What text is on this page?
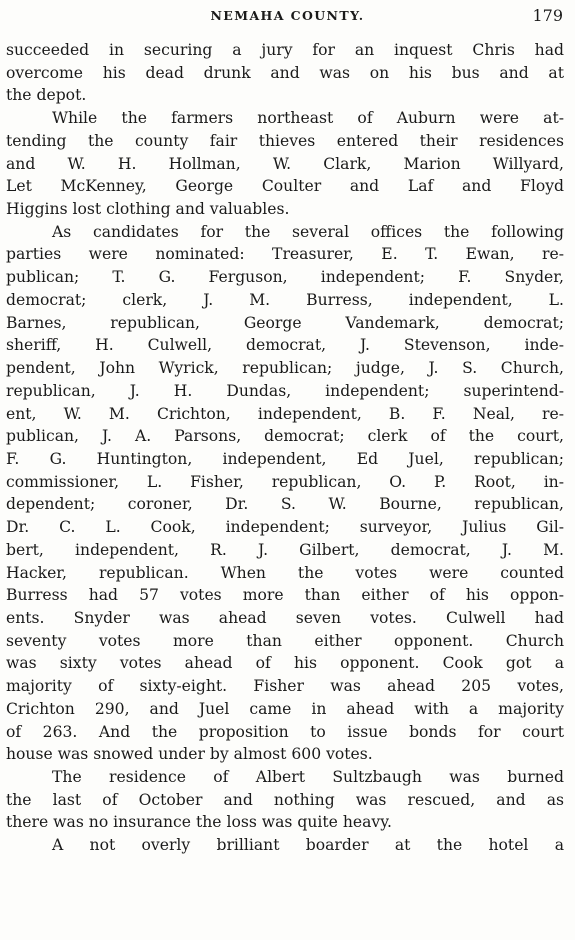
NEMAHA COUNTY.	179
succeeded in securing a jury for an inquest Chris had
overcome his dead drunk and was on his bus and at
the depot.
While the farmers northeast of Auburn were at-
tending the county fair thieves entered their residences
and W. H. Hollman, W. Clark, Marion Willyard,
Let McKenney, George Coulter and Laf and Floyd
Higgins lost clothing and valuables.
As candidates for the several offices the following
parties were nominated: Treasurer, E. T. Ewan, re-
publican; T. G. Ferguson, independent; F. Snyder,
democrat; clerk, J. M. Burress, independent, L.
Barnes, republican, George Vandemark, democrat;
sheriff, H. Culwell, democrat, J. Stevenson, inde-
pendent, John Wyrick, republican; judge, J. S. Church,
republican, J. H. Dundas, independent; superintend-
ent, W. M. Crichton, independent, B. F. Neal, re-
publican, J. A. Parsons, democrat; clerk of the court,
F. G. Huntington, independent, Ed Juel, republican;
commissioner, L. Fisher, republican, O. P. Root, in-
dependent; coroner, Dr. S. W. Bourne, republican,
Dr. C. L. Cook, independent; surveyor, Julius Gil-
bert, independent, R. J. Gilbert, democrat, J. M.
Hacker, republican. When the votes were counted
Burress had 57 votes more than either of his oppon-
ents. Snyder was ahead seven votes. Culwell had
seventy votes more than either opponent. Church
was sixty votes ahead of his opponent. Cook got a
majority of sixty-eight. Fisher was ahead 205 votes,
Crichton 290, and Juel came in ahead with a majority
of 263. And the proposition to issue bonds for court
house was snowed under by almost 600 votes.
The residence of Albert Sultzbaugh was burned
the last of October and nothing was rescued, and as
there was no insurance the loss was quite heavy.
A not overly brilliant boarder at the hotel a
